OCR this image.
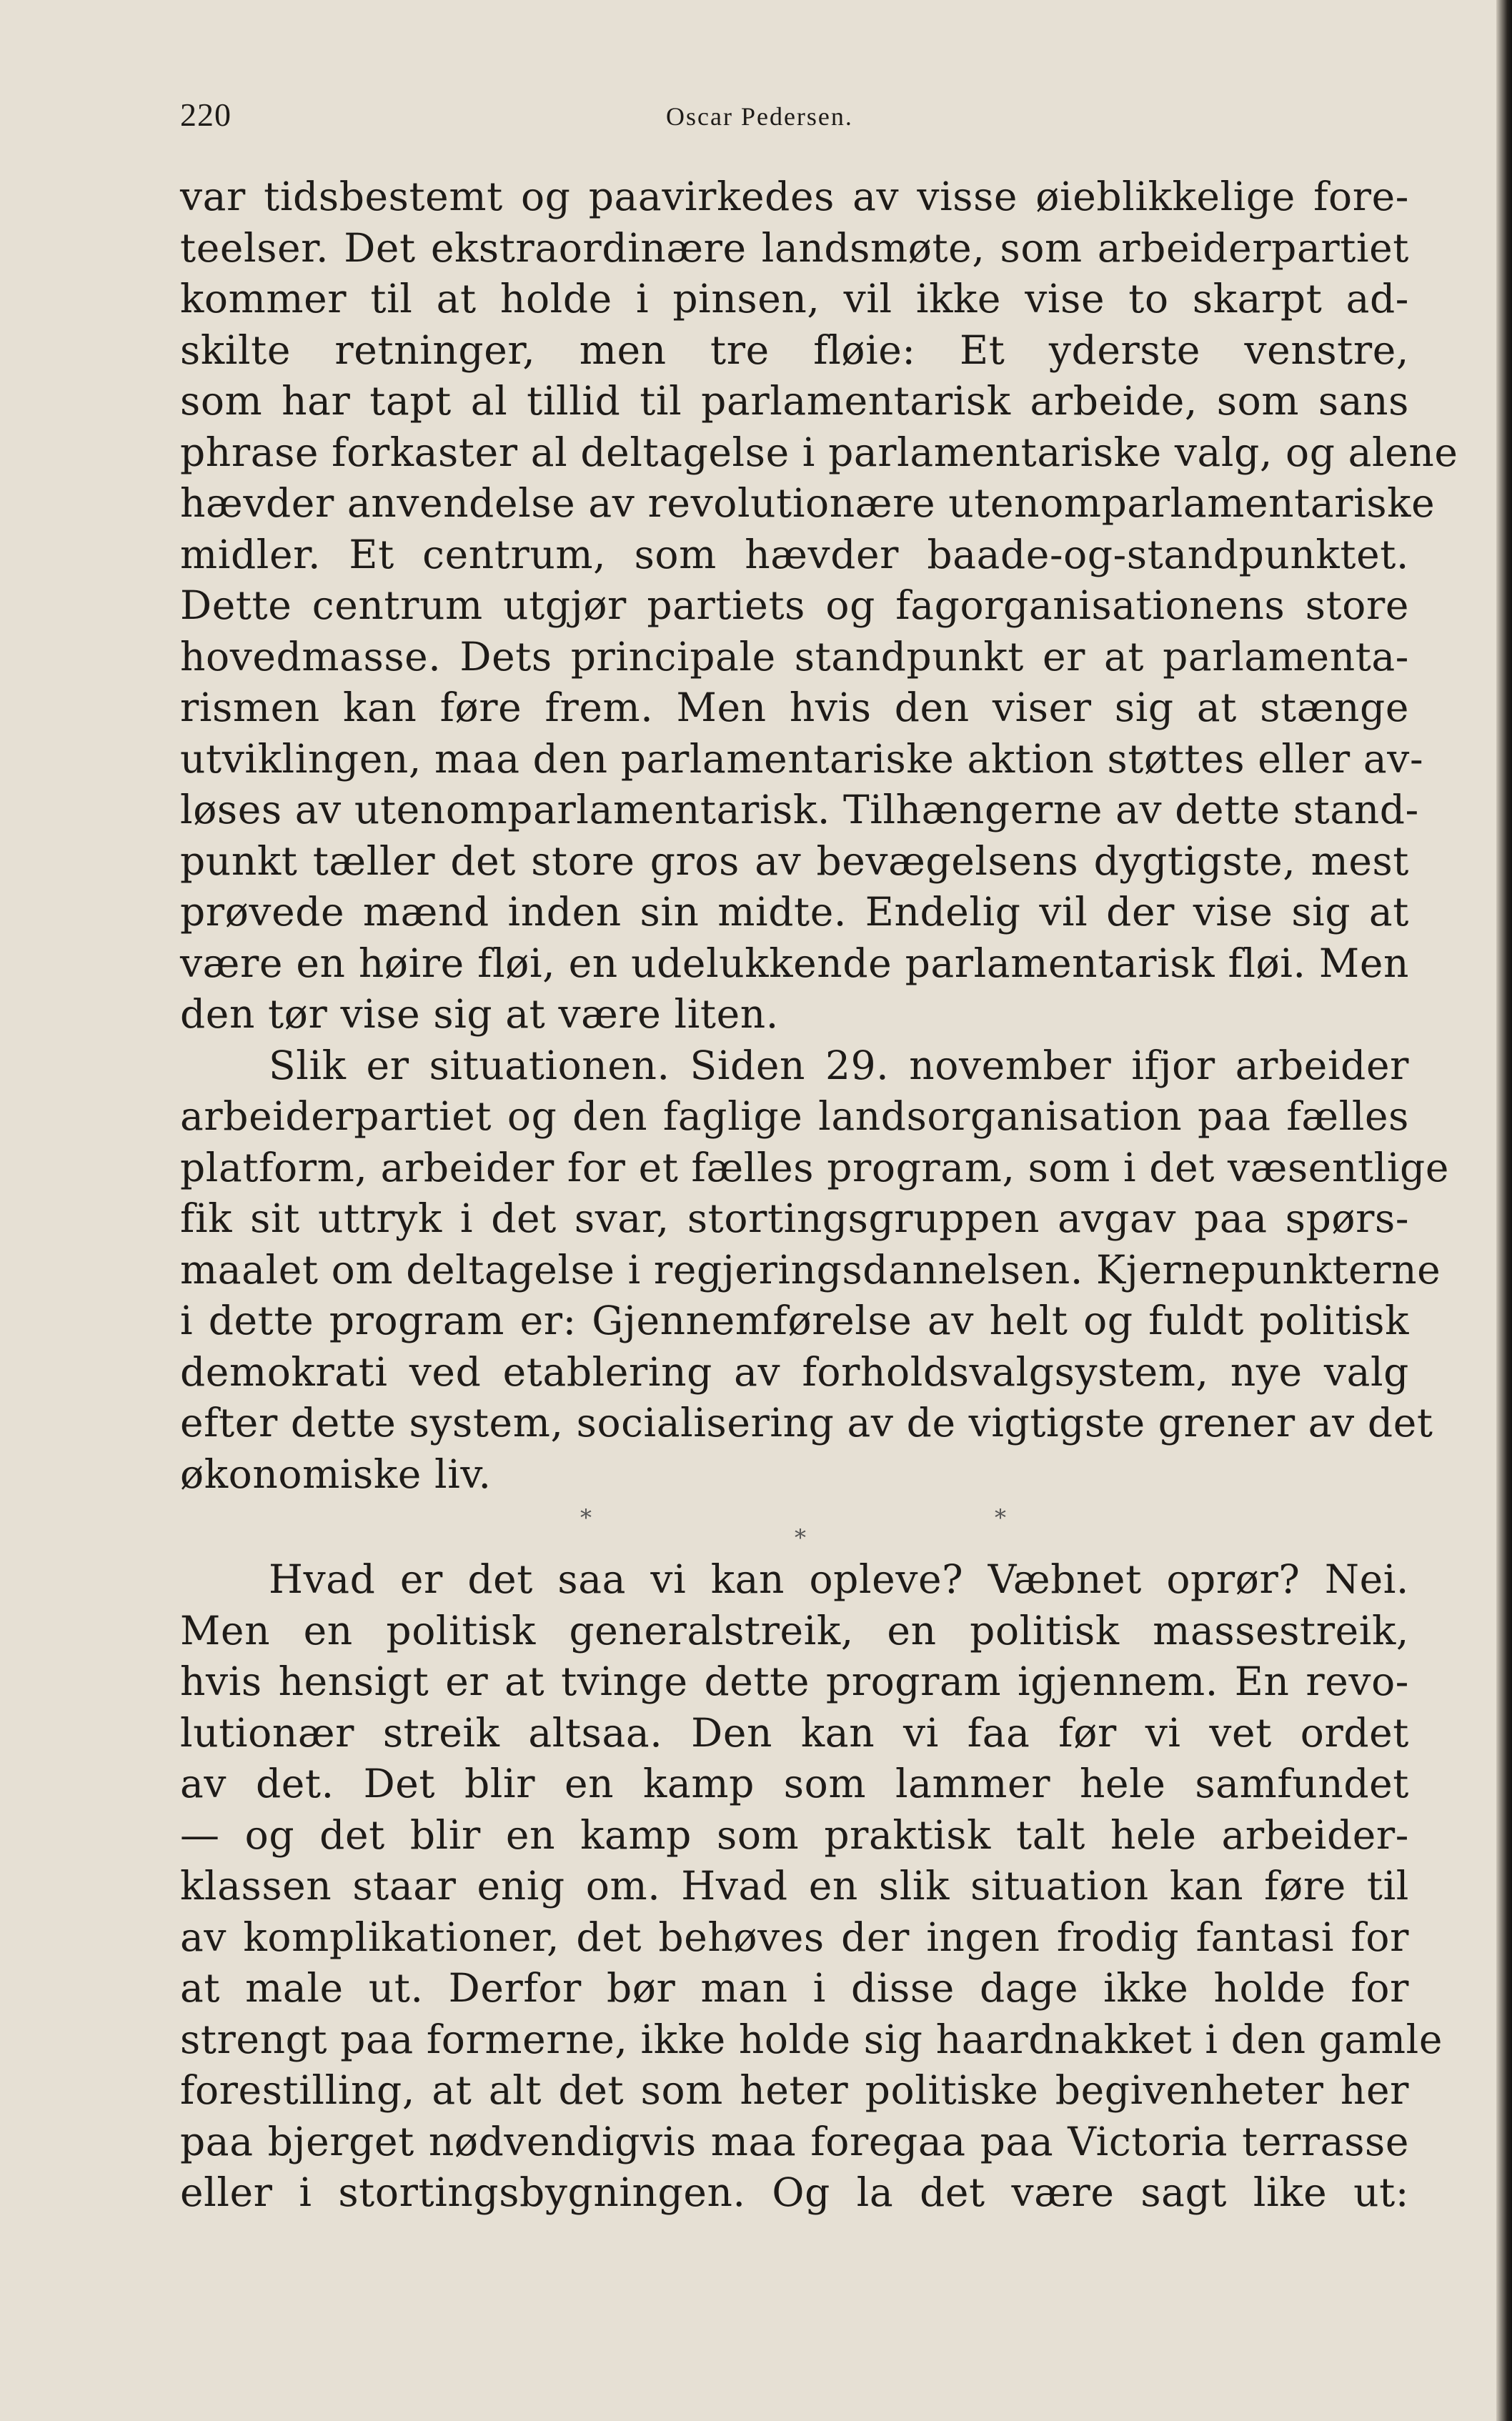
220	Oscar Pedersen.
var tidsbestemt og paavirkedes av visse øieblikkelige fore-
teelser. Det ekstraordinære landsmøte, som arbeiderpartiet
kommer til at holde i pinsen, vil ikke vise to skarpt ad-
skilte retninger, men tre fløie: Et yderste venstre,
som har tapt al tillid til parlamentarisk arbeide, som sans
phrase forkaster al deltagelse i parlamentariske valg, og alene
hævder anvendelse av revolutionære utenomparlamentariske
midler. Et centrum, som hævder baade-og-standpunktet.
Dette centrum utgjør partiets og fagorganisationens store
hovedmasse. Dets principale standpunkt er at parlamenta-
rismen kan føre frem. Men hvis den viser sig at stænge
utviklingen, maa den parlamentariske aktion støttes eller av-
løses av utenomparlamentarisk. Tilhængerne av dette stand-
punkt tæller det store gros av bevægelsens dygtigste, mest
prøvede mænd inden sin midte. Endelig vil der vise sig at
være en høire fløi, en udelukkende parlamentarisk fløi. Men
den tør vise sig at være liten.
Slik er situationen. Siden 29. november ifjor arbeider
arbeiderpartiet og den faglige landsorganisation paa fælles
platform, arbeider for et fælles program, som i det væsentlige
fik sit uttryk i det svar, stortingsgruppen avgav paa spørs-
maalet om deltagelse i regjeringsdannelsen. Kjernepunkterne
i dette program er: Gjennemførelse av helt og fuldt politisk
demokrati ved etablering av forholdsvalgsystem, nye valg
efter dette system, socialisering av de vigtigste grener av det
økonomiske liv.
*
*
*
Hvad er det saa vi kan opleve? Væbnet oprør? Nei.
Men en politisk generalstreik, en politisk massestreik,
hvis hensigt er at tvinge dette program igjennem. En revo-
lutionær streik altsaa. Den kan vi faa før vi vet ordet
av det. Det blir en kamp som lammer hele samfundet
— og det blir en kamp som praktisk talt hele arbeider-
klassen staar enig om. Hvad en slik situation kan føre til
av komplikationer, det behøves der ingen frodig fantasi for
at male ut. Derfor bør man i disse dage ikke holde for
strengt paa formerne, ikke holde sig haardnakket i den gamle
forestilling, at alt det som heter politiske begivenheter her
paa bjerget nødvendigvis maa foregaa paa Victoria terrasse
eller i stortingsbygningen. Og la det være sagt like ut:
